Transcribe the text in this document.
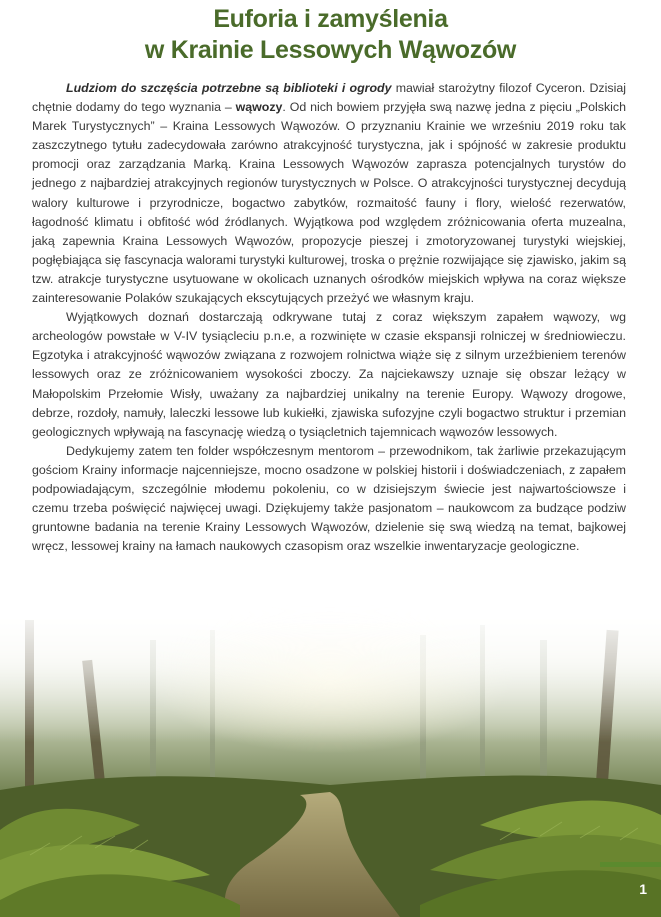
Euforia i zamyślenia
w Krainie Lessowych Wąwozów

Ludziom do szczęścia potrzebne są biblioteki i ogrody mawiał starożytny filozof Cyceron. Dzisiaj chętnie dodamy do tego wyznania – wąwozy. Od nich bowiem przyjęła swą nazwę jedna z pięciu „Polskich Marek Turystycznych” – Kraina Lessowych Wąwozów. O przyznaniu Krainie we wrześniu 2019 roku tak zaszczytnego tytułu zadecydowała zarówno atrakcyjność turystyczna, jak i spójność w zakresie produktu promocji oraz zarządzania Marką. Kraina Lessowych Wąwozów zaprasza potencjalnych turystów do jednego z najbardziej atrakcyjnych regionów turystycznych w Polsce. O atrakcyjności turystycznej decydują walory kulturowe i przyrodnicze, bogactwo zabytków, rozmaitość fauny i flory, wielość rezerwatów, łagodność klimatu i obfitość wód źródlanych. Wyjątkowa pod względem zróżnicowania oferta muzealna, jaką zapewnia Kraina Lessowych Wąwozów, propozycje pieszej i zmotoryzowanej turystyki wiejskiej, pogłębiająca się fascynacja walorami turystyki kulturowej, troska o prężnie rozwijające się zjawisko, jakim są tzw. atrakcje turystyczne usytuowane w okolicach uznanych ośrodków miejskich wpływa na coraz większe zainteresowanie Polaków szukających ekscytujących przeżyć we własnym kraju.

Wyjątkowych doznań dostarczają odkrywane tutaj z coraz większym zapałem wąwozy, wg archeologów powstałe w V-IV tysiącleciu p.n.e, a rozwinięte w czasie ekspansji rolniczej w średniowieczu. Egzotyka i atrakcyjność wąwozów związana z rozwojem rolnictwa wiąże się z silnym urzeźbieniem terenów lessowych oraz ze zróżnicowaniem wysokości zboczy. Za najciekawszy uznaje się obszar leżący w Małopolskim Przełomie Wisły, uważany za najbardziej unikalny na terenie Europy. Wąwozy drogowe, debrze, rozdoły, namuły, laleczki lessowe lub kukiełki, zjawiska sufozyjne czyli bogactwo struktur i przemian geologicznych wpływają na fascynację wiedzą o tysiącletnich tajemnicach wąwozów lessowych.

Dedykujemy zatem ten folder współczesnym mentorom – przewodnikom, tak żarliwie przekazującym gościom Krainy informacje najcenniejsze, mocno osadzone w polskiej historii i doświadczeniach, z zapałem podpowiadającym, szczególnie młodemu pokoleniu, co w dzisiejszym świecie jest najwartościowsze i czemu trzeba poświęcić najwięcej uwagi. Dziękujemy także pasjonatom – naukowcom za budzące podziw gruntowne badania na terenie Krainy Lessowych Wąwozów, dzielenie się swą wiedzą na temat, bajkowej wręcz, lessowej krainy na łamach naukowych czasopism oraz wszelkie inwentaryzacje geologiczne.

1
